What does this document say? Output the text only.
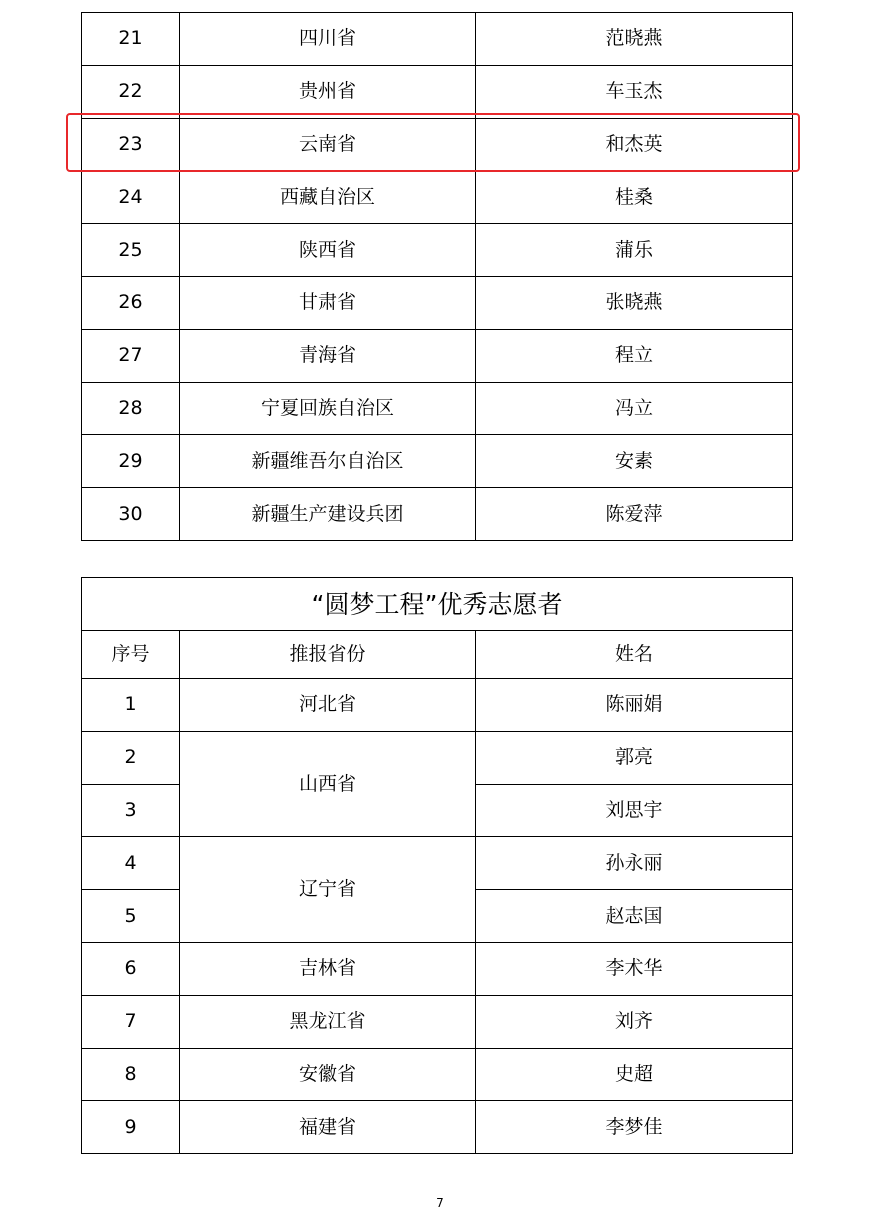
21	四川省	范晓燕
22	贵州省	车玉杰
23	云南省	和杰英
24	西藏自治区	桂桑
25	陕西省	蒲乐
26	甘肃省	张晓燕
27	青海省	程立
28	宁夏回族自治区	冯立
29	新疆维吾尔自治区	安素
30	新疆生产建设兵团	陈爱萍
“圆梦工程”优秀志愿者		
序号	推报省份	姓名
1	河北省	陈丽娟
2	山西省	郭亮
3		刘思宇
4	辽宁省	孙永丽
5		赵志国
6	吉林省	李术华
7	黑龙江省	刘齐
8	安徽省	史超
9	福建省	李梦佳
7
